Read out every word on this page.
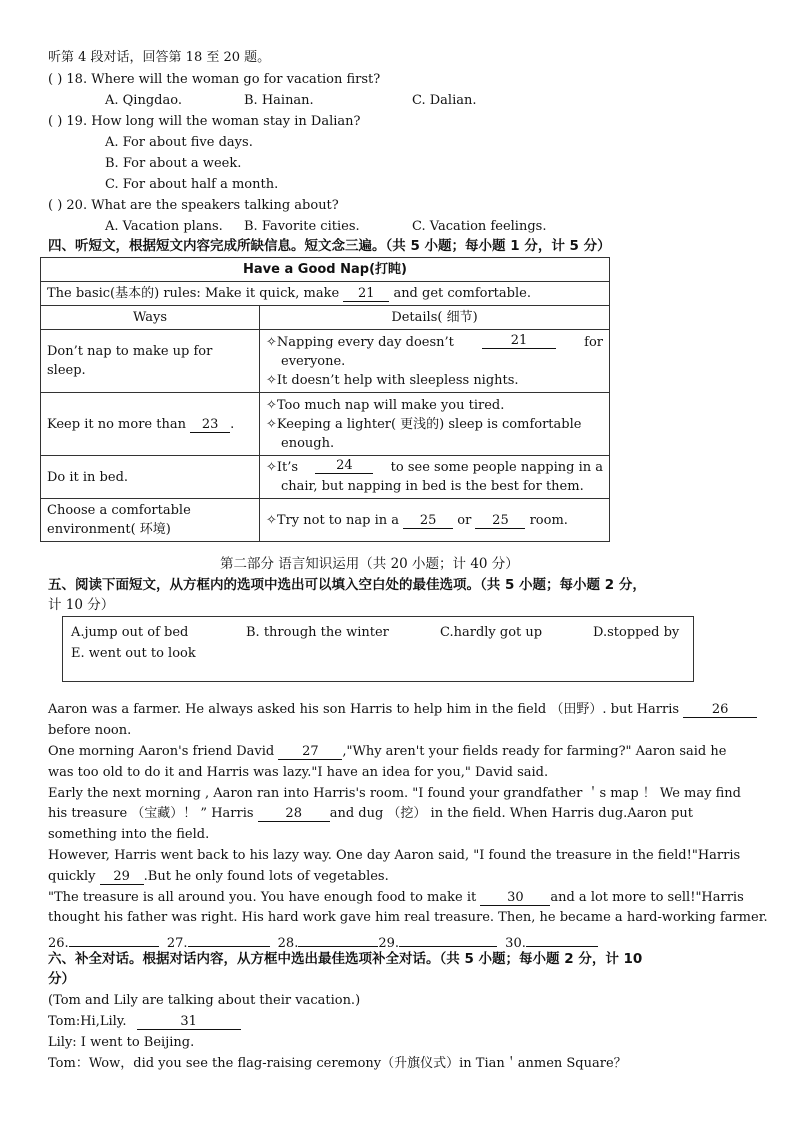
听第 4 段对话，回答第 18 至 20 题。
( ) 18. Where will the woman go for vacation first?
A. Qingdao.	B. Hainan.	C. Dalian.
( ) 19. How long will the woman stay in Dalian?
A. For about five days.
B. For about a week.
C. For about half a month.
( ) 20. What are the speakers talking about?
A. Vacation plans. B. Favorite cities.	C. Vacation feelings.
四、听短文，根据短文内容完成所缺信息。短文念三遍。（共 5 小题；每小题 1 分，计 5 分）
Have a Good Nap(打盹)	
The basic(基本的) rules: Make it quick, make 21 and get comfortable.	
Ways	Details( 细节)
Don’t nap to make up for sleep.	✧Napping every day doesn’t 21 for
everyone.
✧It doesn’t help with sleepless nights.

Keep it no more than 23 .	✧Too much nap will make you tired.
✧Keeping a lighter( 更浅的) sleep is comfortable
enough.

Do it in bed.	✧It’s 24 to see some people napping in a
chair, but napping in bed is the best for them.

Choose a comfortable
environment( 环境)	✧Try not to nap in a 25 or 25 room.
第二部分 语言知识运用（共 20 小题；计 40 分）
五、阅读下面短文，从方框内的选项中选出可以填入空白处的最佳选项。（共 5 小题；每小题 2 分，
计 10 分）
A.jump out of bed	B. through the winter	C.hardly got up	D.stopped by
E. went out to look
Aaron was a farmer. He always asked his son Harris to help him in the field （田野）. but Harris	26
before noon.
One morning Aaron's friend David 27 ,"Why aren't your fields ready for farming?" Aaron said he
was too old to do it and Harris was lazy."I have an idea for you," David said.
Early the next morning , Aaron ran into Harris's room. "I found your grandfather ＇s map ！ We may find
his treasure （宝藏）！ ” Harris 28 and dug （挖） in the field. When Harris dug.Aaron put
something into the field.
However, Harris went back to his lazy way. One day Aaron said, "I found the treasure in the field!"Harris
quickly 29 .But he only found lots of vegetables.
"The treasure is all around you. You have enough food to make it 30 and a lot more to sell!"Harris
thought his father was right. His hard work gave him real treasure. Then, he became a hard-working farmer.
26.	27.	28.	29.	30.
六、补全对话。根据对话内容，从方框中选出最佳选项补全对话。（共 5 小题；每小题 2 分，计 10
分）
(Tom and Lily are talking about their vacation.)
Tom:Hi,Lily.	31
Lily: I went to Beijing.
Tom：Wow，did you see the flag-raising ceremony（升旗仪式）in Tian＇anmen Square？
